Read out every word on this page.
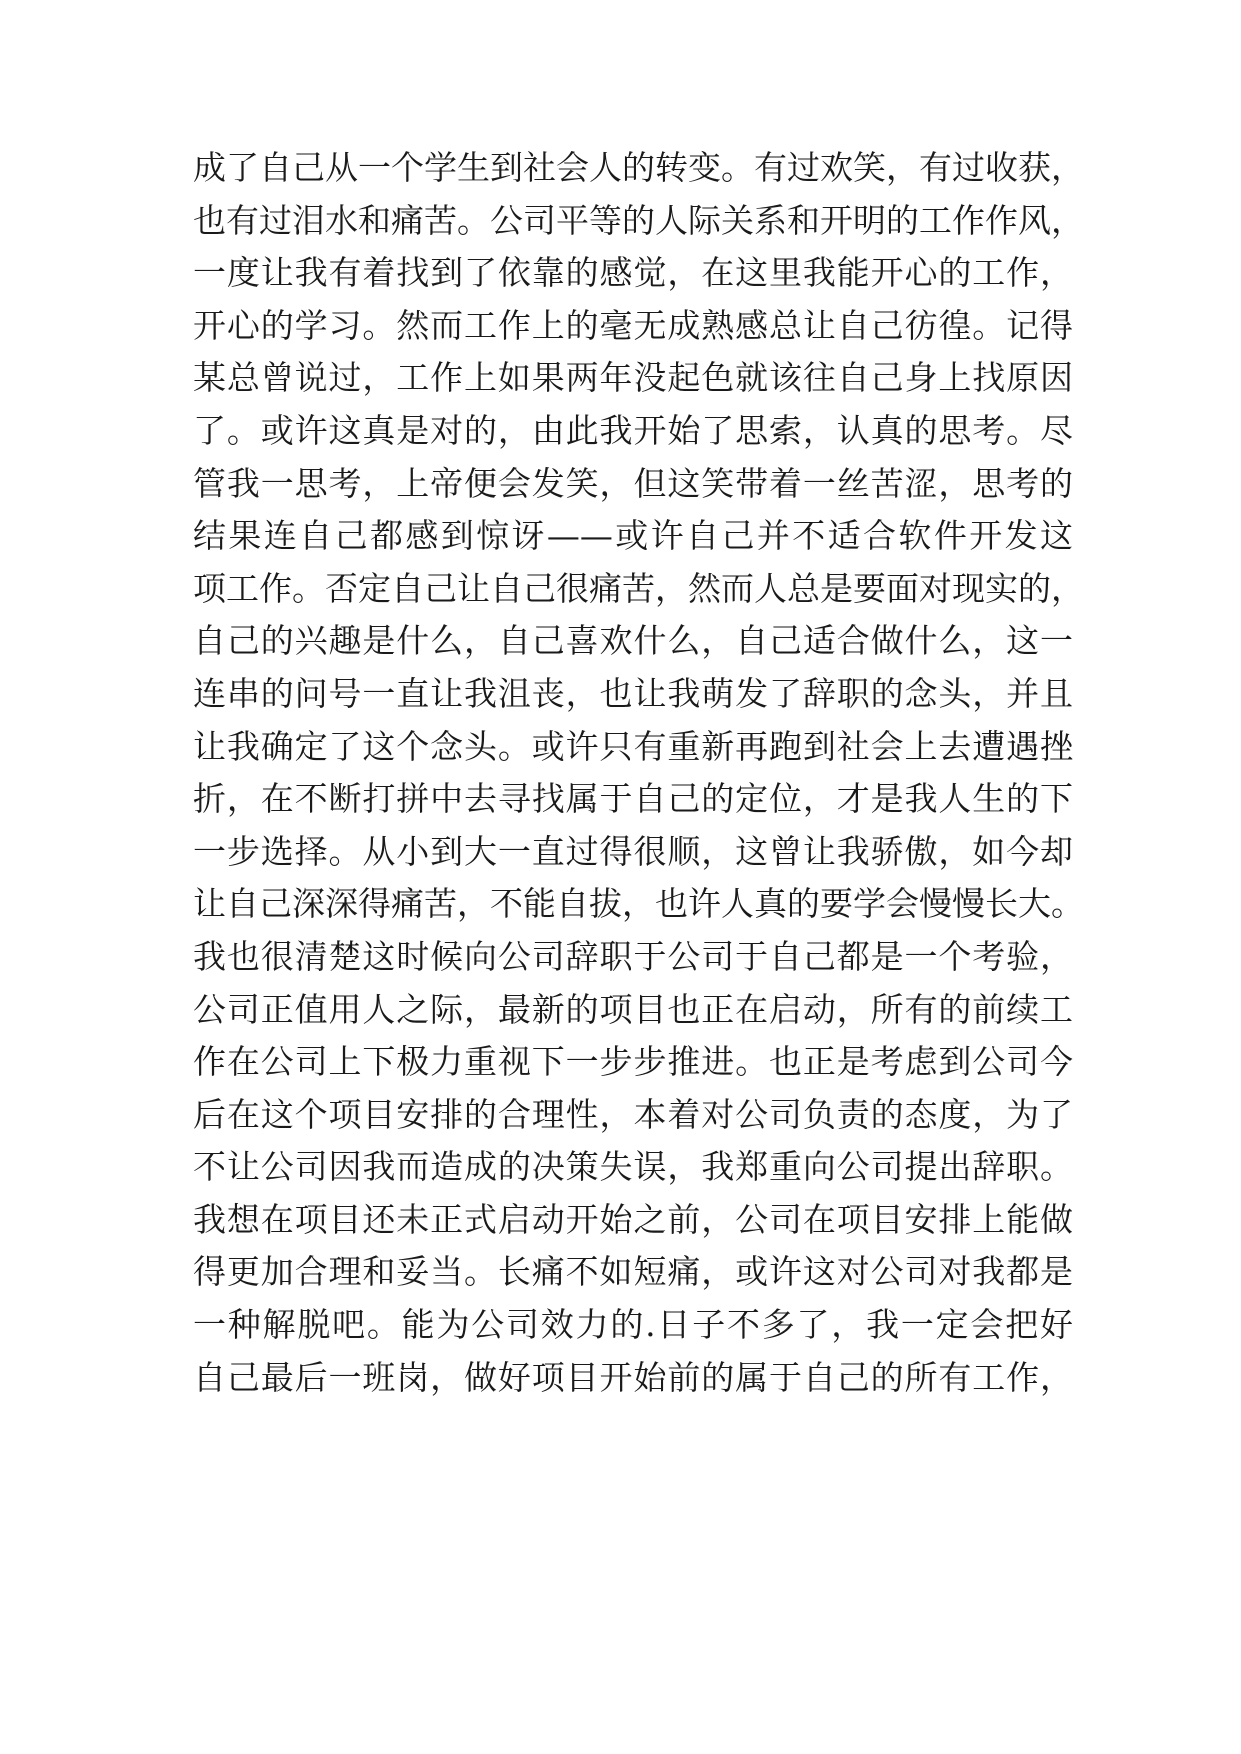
成了自己从一个学生到社会人的转变。有过欢笑，有过收获，
也有过泪水和痛苦。公司平等的人际关系和开明的工作作风，
一度让我有着找到了依靠的感觉，在这里我能开心的工作，
开心的学习。然而工作上的毫无成熟感总让自己彷徨。记得
某总曾说过，工作上如果两年没起色就该往自己身上找原因
了。或许这真是对的，由此我开始了思索，认真的思考。尽
管我一思考，上帝便会发笑，但这笑带着一丝苦涩，思考的
结果连自己都感到惊讶——或许自己并不适合软件开发这
项工作。否定自己让自己很痛苦，然而人总是要面对现实的，
自己的兴趣是什么，自己喜欢什么，自己适合做什么，这一
连串的问号一直让我沮丧，也让我萌发了辞职的念头，并且
让我确定了这个念头。或许只有重新再跑到社会上去遭遇挫
折，在不断打拼中去寻找属于自己的定位，才是我人生的下
一步选择。从小到大一直过得很顺，这曾让我骄傲，如今却
让自己深深得痛苦，不能自拔，也许人真的要学会慢慢长大。
我也很清楚这时候向公司辞职于公司于自己都是一个考验，
公司正值用人之际，最新的项目也正在启动，所有的前续工
作在公司上下极力重视下一步步推进。也正是考虑到公司今
后在这个项目安排的合理性，本着对公司负责的态度，为了
不让公司因我而造成的决策失误，我郑重向公司提出辞职。
我想在项目还未正式启动开始之前，公司在项目安排上能做
得更加合理和妥当。长痛不如短痛，或许这对公司对我都是
一种解脱吧。能为公司效力的.日子不多了，我一定会把好
自己最后一班岗，做好项目开始前的属于自己的所有工作，
